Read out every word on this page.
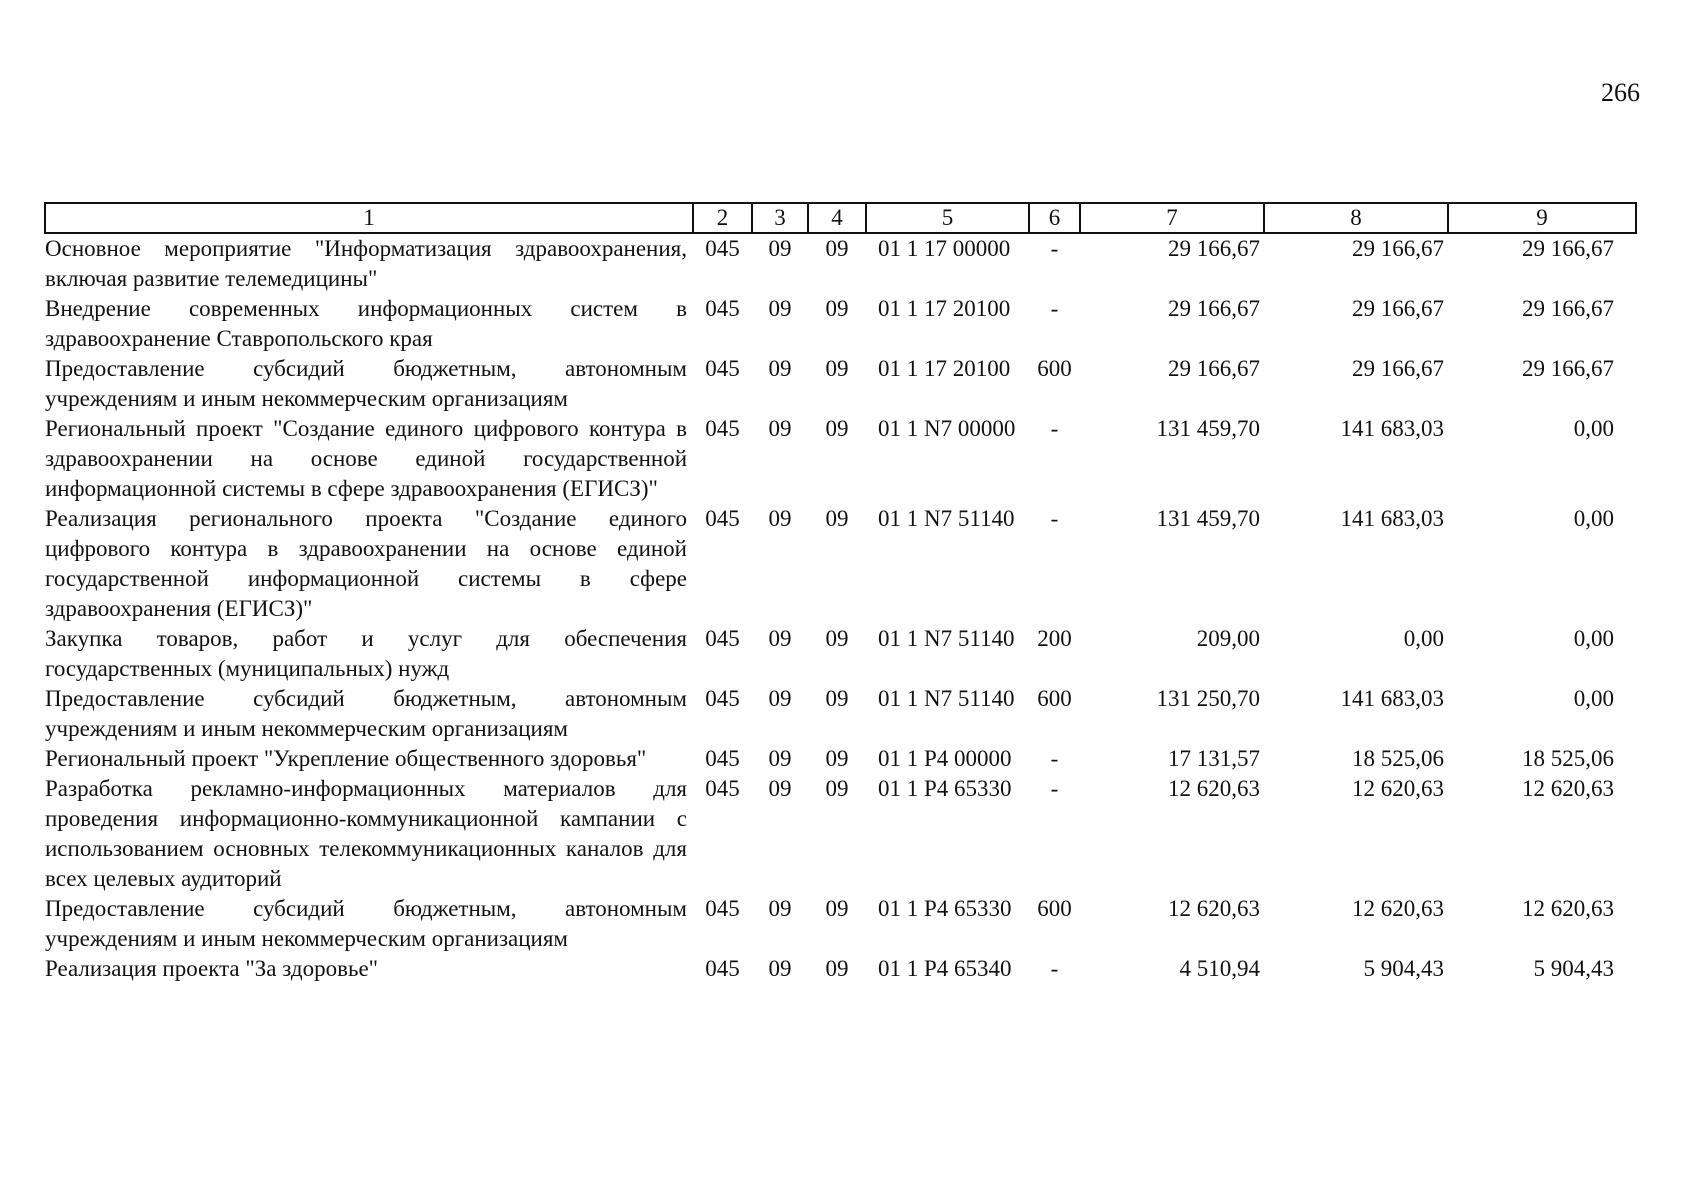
266
1	2	3	4	5	6	7	8	9
Основное мероприятие "Информатизация здравоохранения, включая развитие телемедицины"	045	09	09	01 1 17 00000	-	29 166,67	29 166,67	29 166,67
Внедрение современных информационных систем в здравоохранение Ставропольского края	045	09	09	01 1 17 20100	-	29 166,67	29 166,67	29 166,67
Предоставление субсидий бюджетным, автономным учреждениям и иным некоммерческим организациям	045	09	09	01 1 17 20100	600	29 166,67	29 166,67	29 166,67
Региональный проект "Создание единого цифрового контура в здравоохранении на основе единой государственной информационной системы в сфере здравоохранения (ЕГИСЗ)"	045	09	09	01 1 N7 00000	-	131 459,70	141 683,03	0,00
Реализация регионального проекта "Создание единого цифрового контура в здравоохранении на основе единой государственной информационной системы в сфере здравоохранения (ЕГИСЗ)"	045	09	09	01 1 N7 51140	-	131 459,70	141 683,03	0,00
Закупка товаров, работ и услуг для обеспечения государственных (муниципальных) нужд	045	09	09	01 1 N7 51140	200	209,00	0,00	0,00
Предоставление субсидий бюджетным, автономным учреждениям и иным некоммерческим организациям	045	09	09	01 1 N7 51140	600	131 250,70	141 683,03	0,00
Региональный проект "Укрепление общественного здоровья"	045	09	09	01 1 P4 00000	-	17 131,57	18 525,06	18 525,06
Разработка рекламно-информационных материалов для проведения информационно-коммуникационной кампании с использованием основных телекоммуникационных каналов для всех целевых аудиторий	045	09	09	01 1 P4 65330	-	12 620,63	12 620,63	12 620,63
Предоставление субсидий бюджетным, автономным учреждениям и иным некоммерческим организациям	045	09	09	01 1 P4 65330	600	12 620,63	12 620,63	12 620,63
Реализация проекта "За здоровье"	045	09	09	01 1 P4 65340	-	4 510,94	5 904,43	5 904,43
